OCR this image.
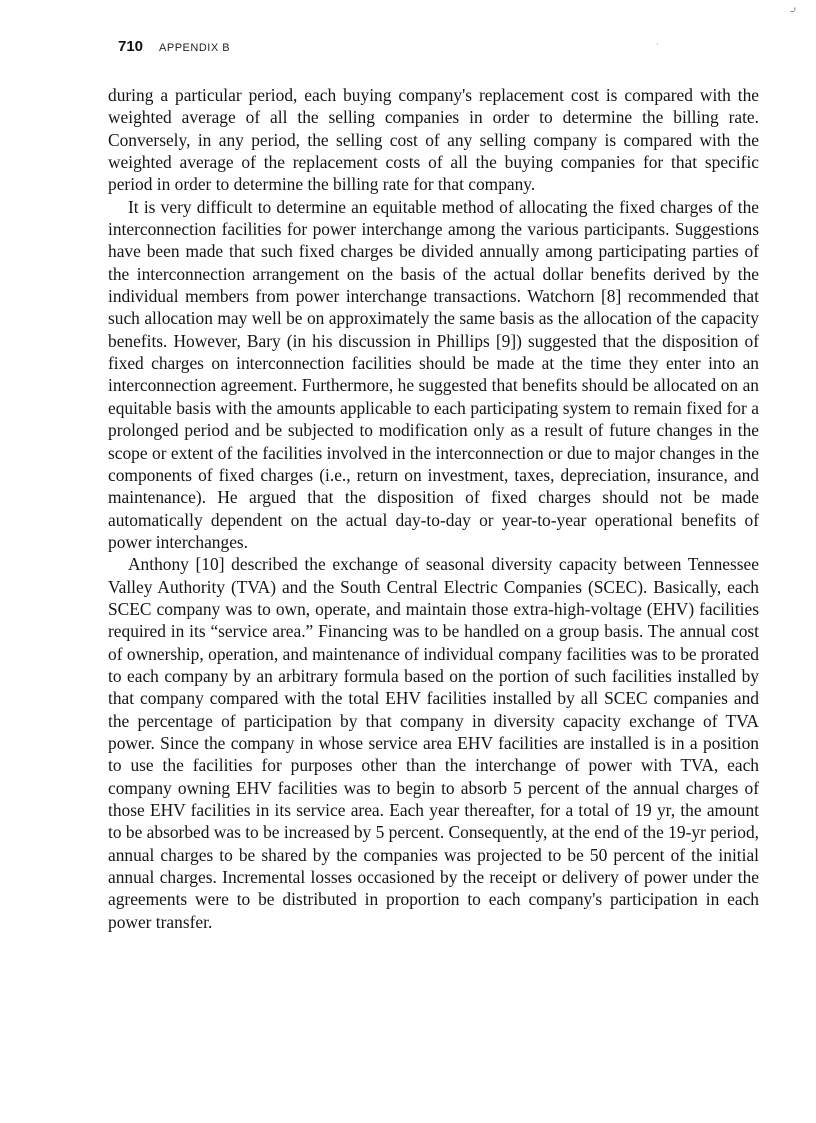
⌏
·
710 APPENDIX B

during a particular period, each buying company's replacement cost is compared with the weighted average of all the selling companies in order to determine the billing rate. Conversely, in any period, the selling cost of any selling company is compared with the weighted average of the replacement costs of all the buying companies for that specific period in order to determine the billing rate for that company.

It is very difficult to determine an equitable method of allocating the fixed charges of the interconnection facilities for power interchange among the various participants. Suggestions have been made that such fixed charges be divided annually among participating parties of the interconnection arrangement on the basis of the actual dollar benefits derived by the individual members from power interchange transactions. Watchorn [8] recommended that such allocation may well be on approximately the same basis as the allocation of the capacity benefits. However, Bary (in his discussion in Phillips [9]) suggested that the disposition of fixed charges on interconnection facilities should be made at the time they enter into an interconnection agreement. Furthermore, he suggested that benefits should be allocated on an equitable basis with the amounts applicable to each participating system to remain fixed for a prolonged period and be subjected to modification only as a result of future changes in the scope or extent of the facilities involved in the interconnection or due to major changes in the components of fixed charges (i.e., return on investment, taxes, depreciation, insurance, and maintenance). He argued that the disposition of fixed charges should not be made automatically dependent on the actual day-to-day or year-to-year operational benefits of power interchanges.

Anthony [10] described the exchange of seasonal diversity capacity between Tennessee Valley Authority (TVA) and the South Central Electric Companies (SCEC). Basically, each SCEC company was to own, operate, and maintain those extra-high-voltage (EHV) facilities required in its “service area.” Financing was to be handled on a group basis. The annual cost of ownership, operation, and maintenance of individual company facilities was to be prorated to each company by an arbitrary formula based on the portion of such facilities installed by that company compared with the total EHV facilities installed by all SCEC companies and the percentage of participation by that company in diversity capacity exchange of TVA power. Since the company in whose service area EHV facilities are installed is in a position to use the facilities for purposes other than the interchange of power with TVA, each company owning EHV facilities was to begin to absorb 5 percent of the annual charges of those EHV facilities in its service area. Each year thereafter, for a total of 19 yr, the amount to be absorbed was to be increased by 5 percent. Consequently, at the end of the 19-yr period, annual charges to be shared by the companies was projected to be 50 percent of the initial annual charges. Incremental losses occasioned by the receipt or delivery of power under the agreements were to be distributed in proportion to each company's participation in each power transfer.
